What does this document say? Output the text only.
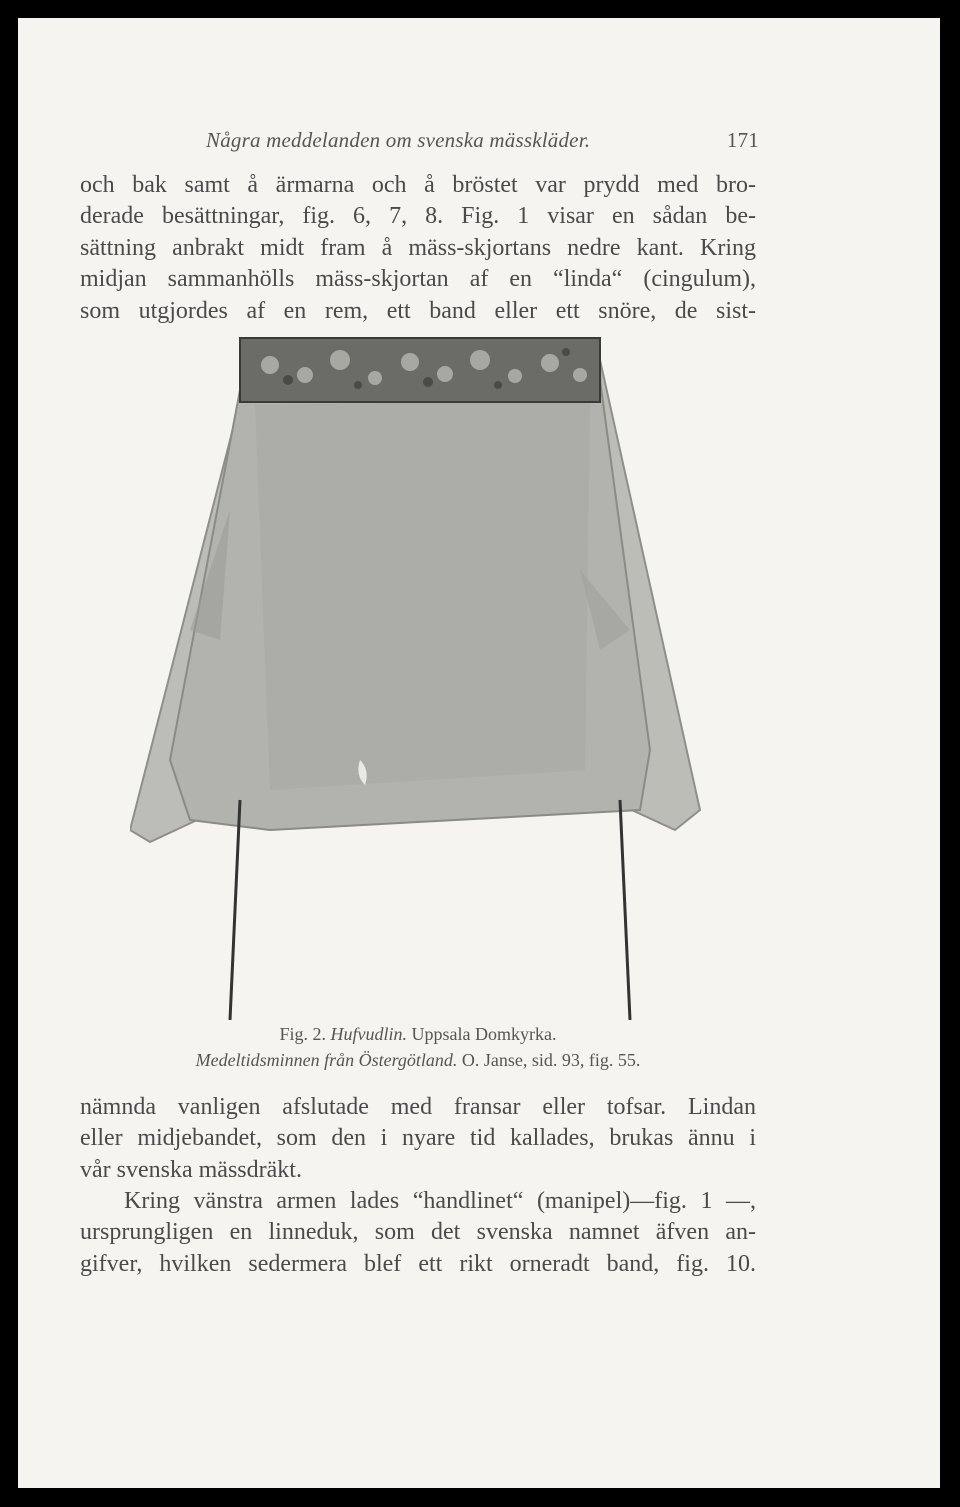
Några meddelanden om svenska mässkläder.	171
och bak samt å ärmarna och å bröstet var prydd med bro-
derade besättningar, fig. 6, 7, 8. Fig. 1 visar en sådan be-
sättning anbrakt midt fram å mäss-skjortans nedre kant. Kring
midjan sammanhölls mäss-skjortan af en “linda“ (cingulum),
som utgjordes af en rem, ett band eller ett snöre, de sist-
Fig. 2. Hufvudlin. Uppsala Domkyrka.
Medeltidsminnen från Östergötland. O. Janse, sid. 93, fig. 55.
nämnda vanligen afslutade med fransar eller tofsar. Lindan
eller midjebandet, som den i nyare tid kallades, brukas ännu i
vår svenska mässdräkt.
Kring vänstra armen lades “handlinet“ (manipel)—fig. 1 —,
ursprungligen en linneduk, som det svenska namnet äfven an-
gifver, hvilken sedermera blef ett rikt orneradt band, fig. 10.
